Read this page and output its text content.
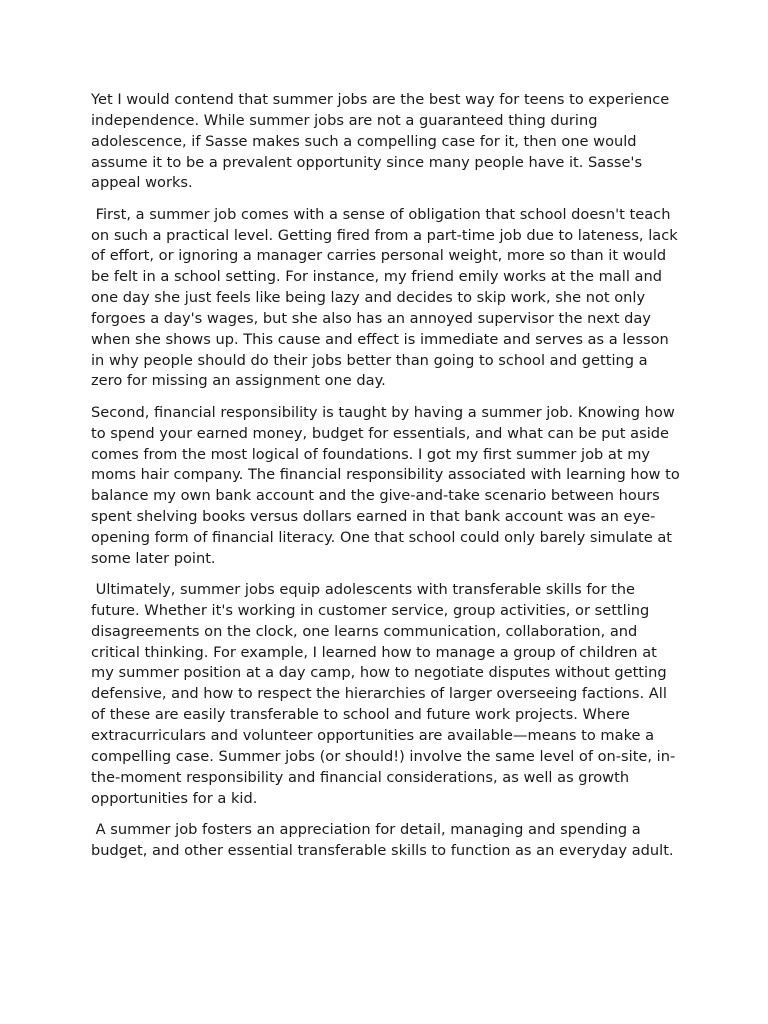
Yet I would contend that summer jobs are the best way for teens to experience independence. While summer jobs are not a guaranteed thing during adolescence, if Sasse makes such a compelling case for it, then one would assume it to be a prevalent opportunity since many people have it. Sasse's appeal works.

First, a summer job comes with a sense of obligation that school doesn't teach on such a practical level. Getting fired from a part-time job due to lateness, lack of effort, or ignoring a manager carries personal weight, more so than it would be felt in a school setting. For instance, my friend emily works at the mall and one day she just feels like being lazy and decides to skip work, she not only forgoes a day's wages, but she also has an annoyed supervisor the next day when she shows up. This cause and effect is immediate and serves as a lesson in why people should do their jobs better than going to school and getting a zero for missing an assignment one day.

Second, financial responsibility is taught by having a summer job. Knowing how to spend your earned money, budget for essentials, and what can be put aside comes from the most logical of foundations. I got my first summer job at my moms hair company. The financial responsibility associated with learning how to balance my own bank account and the give-and-take scenario between hours spent shelving books versus dollars earned in that bank account was an eye-opening form of financial literacy. One that school could only barely simulate at some later point.

Ultimately, summer jobs equip adolescents with transferable skills for the future. Whether it's working in customer service, group activities, or settling disagreements on the clock, one learns communication, collaboration, and critical thinking. For example, I learned how to manage a group of children at my summer position at a day camp, how to negotiate disputes without getting defensive, and how to respect the hierarchies of larger overseeing factions. All of these are easily transferable to school and future work projects. Where extracurriculars and volunteer opportunities are available—means to make a compelling case. Summer jobs (or should!) involve the same level of on-site, in-the-moment responsibility and financial considerations, as well as growth opportunities for a kid.

A summer job fosters an appreciation for detail, managing and spending a budget, and other essential transferable skills to function as an everyday adult.
